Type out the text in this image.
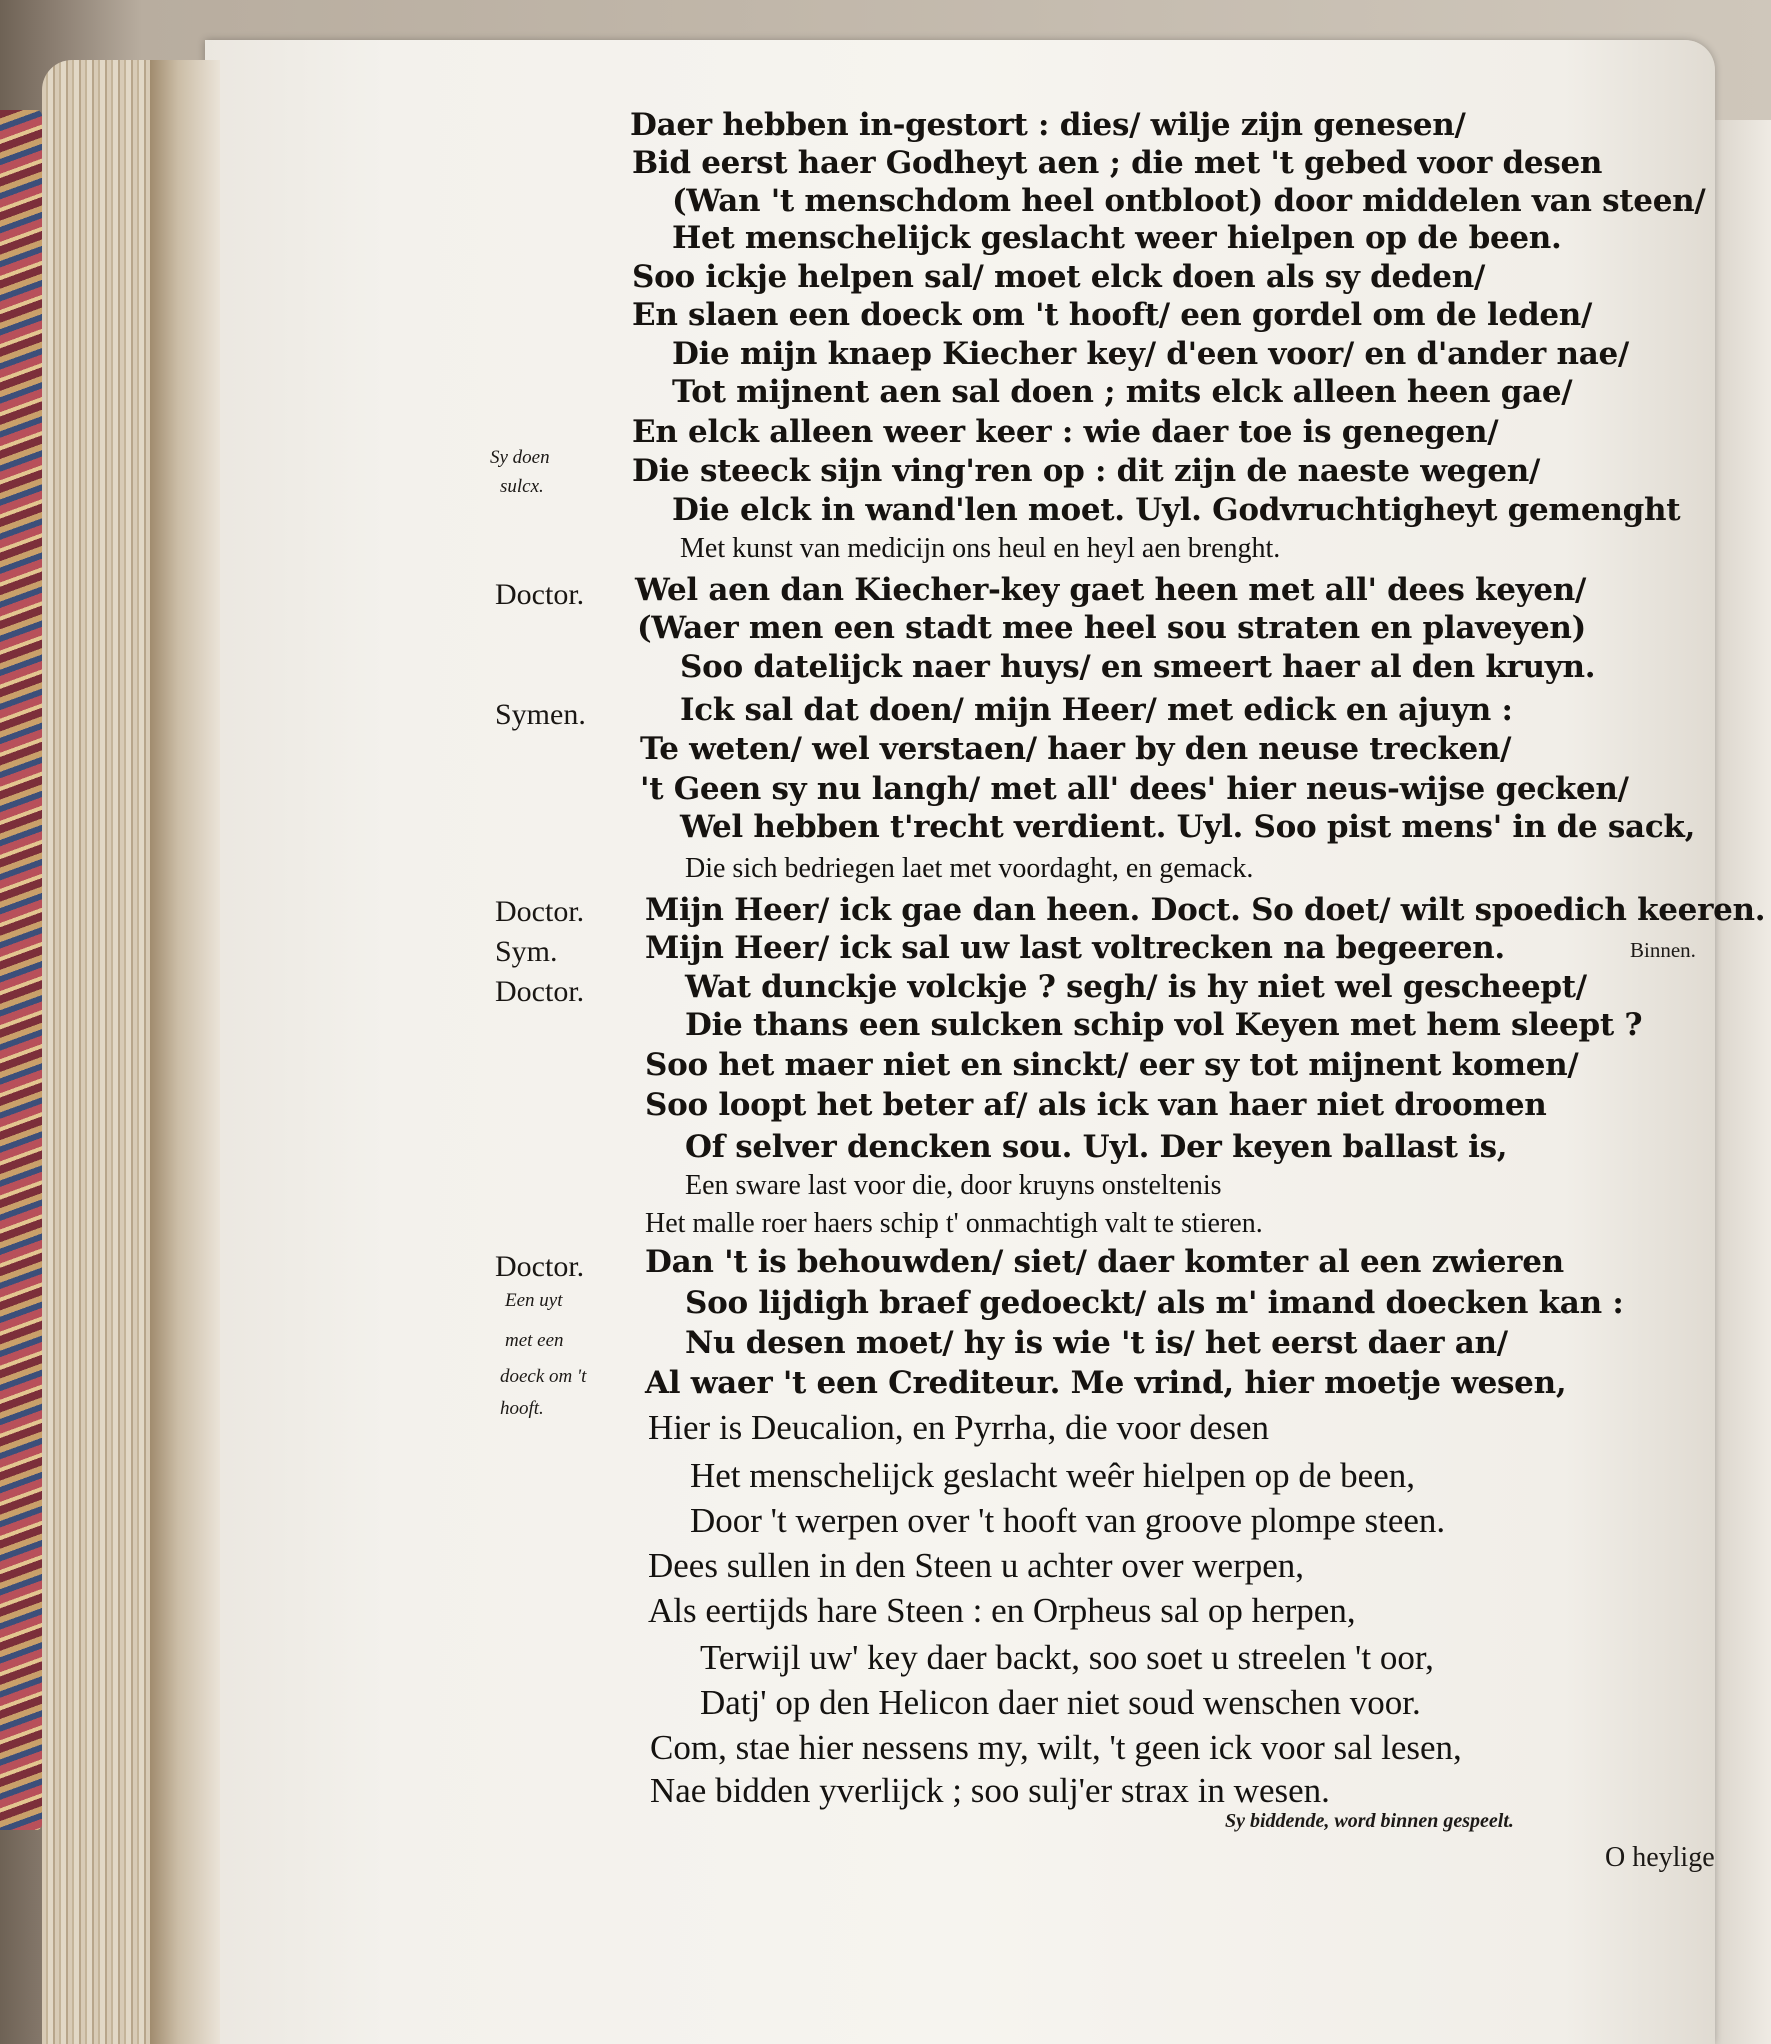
Daer hebben in-gestort : dies/ wilje zijn genesen/
Bid eerst haer Godheyt aen ; die met 't gebed voor desen
(Wan 't menschdom heel ontbloot) door middelen van steen/
Het menschelijck geslacht weer hielpen op de been.
Soo ickje helpen sal/ moet elck doen als sy deden/
En slaen een doeck om 't hooft/ een gordel om de leden/
Die mijn knaep Kiecher key/ d'een voor/ en d'ander nae/
Tot mijnent aen sal doen ; mits elck alleen heen gae/
En elck alleen weer keer : wie daer toe is genegen/
Die steeck sijn ving'ren op : dit zijn de naeste wegen/
Die elck in wand'len moet. Uyl. Godvruchtigheyt gemenght
Met kunst van medicijn ons heul en heyl aen brenght.
Wel aen dan Kiecher-key gaet heen met all' dees keyen/
(Waer men een stadt mee heel sou straten en plaveyen)
Soo datelijck naer huys/ en smeert haer al den kruyn.
Ick sal dat doen/ mijn Heer/ met edick en ajuyn :
Te weten/ wel verstaen/ haer by den neuse trecken/
't Geen sy nu langh/ met all' dees' hier neus-wijse gecken/
Wel hebben t'recht verdient. Uyl. Soo pist mens' in de sack,
Die sich bedriegen laet met voordaght, en gemack.
Mijn Heer/ ick gae dan heen. Doct. So doet/ wilt spoedich keeren.
Mijn Heer/ ick sal uw last voltrecken na begeeren.
Wat dunckje volckje ? segh/ is hy niet wel gescheept/
Die thans een sulcken schip vol Keyen met hem sleept ?
Soo het maer niet en sinckt/ eer sy tot mijnent komen/
Soo loopt het beter af/ als ick van haer niet droomen
Of selver dencken sou. Uyl. Der keyen ballast is,
Een sware last voor die, door kruyns onsteltenis
Het malle roer haers schip t' onmachtigh valt te stieren.
Dan 't is behouwden/ siet/ daer komter al een zwieren
Soo lijdigh braef gedoeckt/ als m' imand doecken kan :
Nu desen moet/ hy is wie 't is/ het eerst daer an/
Al waer 't een Crediteur. Me vrind, hier moetje wesen,
Hier is Deucalion, en Pyrrha, die voor desen
Het menschelijck geslacht weêr hielpen op de been,
Door 't werpen over 't hooft van groove plompe steen.
Dees sullen in den Steen u achter over werpen,
Als eertijds hare Steen : en Orpheus sal op herpen,
Terwijl uw' key daer backt, soo soet u streelen 't oor,
Datj' op den Helicon daer niet soud wenschen voor.
Com, stae hier nessens my, wilt, 't geen ick voor sal lesen,
Nae bidden yverlijck ; soo sulj'er strax in wesen.
Doctor.
Symen.
Doctor.
Sym.
Doctor.
Doctor.
Sy doen
sulcx.
Een uyt
met een
doeck om 't
hooft.
Binnen.
Sy biddende, word binnen gespeelt.
O heylige
